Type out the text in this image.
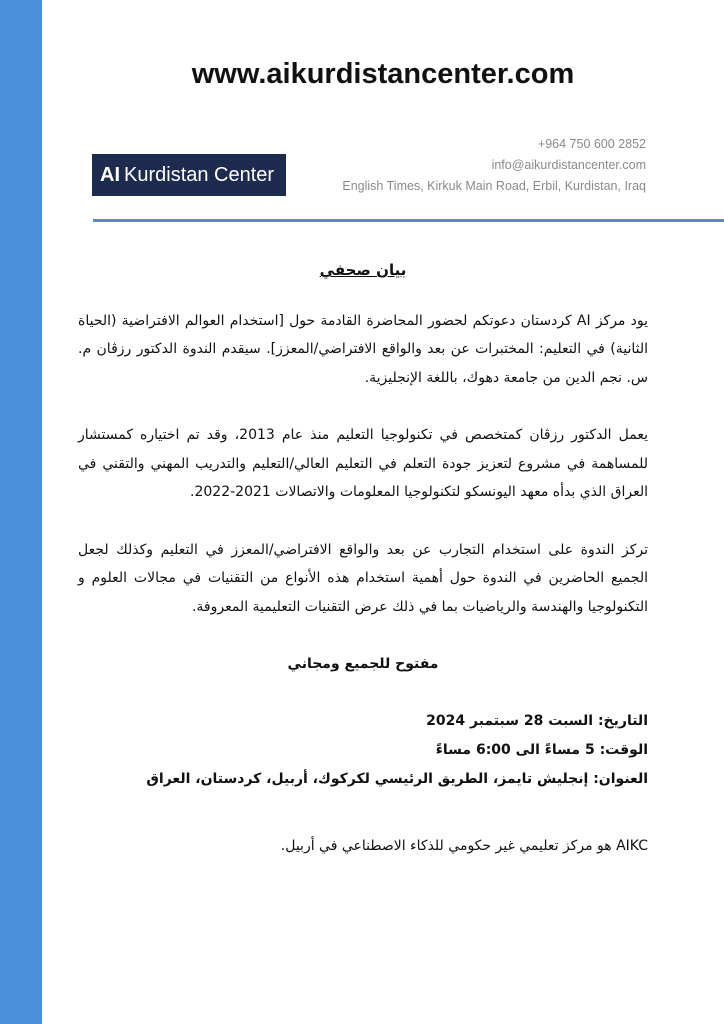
www.aikurdistancenter.com
AI Kurdistan Center
+964 750 600 2852
info@aikurdistancenter.com
English Times, Kirkuk Main Road, Erbil, Kurdistan, Iraq
بيان صحفي

يود مركز AI كردستان دعوتكم لحضور المحاضرة القادمة حول [استخدام العوالم الافتراضية (الحياة الثانية) في التعليم: المختبرات عن بعد والواقع الافتراضي/المعزز]. سيقدم الندوة الدكتور رزڤان م. س. نجم الدين من جامعة دهوك، باللغة الإنجليزية.

يعمل الدكتور رزڤان كمتخصص في تكنولوجيا التعليم منذ عام 2013، وقد تم اختياره كمستشار للمساهمة في مشروع لتعزيز جودة التعلم في التعليم العالي/التعليم والتدريب المهني والتقني في العراق الذي بدأه معهد اليونسكو لتكنولوجيا المعلومات والاتصالات 2021-2022.

تركز الندوة على استخدام التجارب عن بعد والواقع الافتراضي/المعزز في التعليم وكذلك لجعل الجميع الحاضرين في الندوة حول أهمية استخدام هذه الأنواع من التقنيات في مجالات العلوم و التكنولوجيا والهندسة والرياضيات بما في ذلك عرض التقنيات التعليمية المعروفة.

مفتوح للجميع ومجاني
التاريخ: السبت 28 سبتمبر 2024
الوقت: 5 مساءً الى 6:00 مساءً
العنوان: إنجليش تايمز، الطريق الرئيسي لكركوك، أربيل، كردستان، العراق
AIKC هو مركز تعليمي غير حكومي للذكاء الاصطناعي في أربيل.
